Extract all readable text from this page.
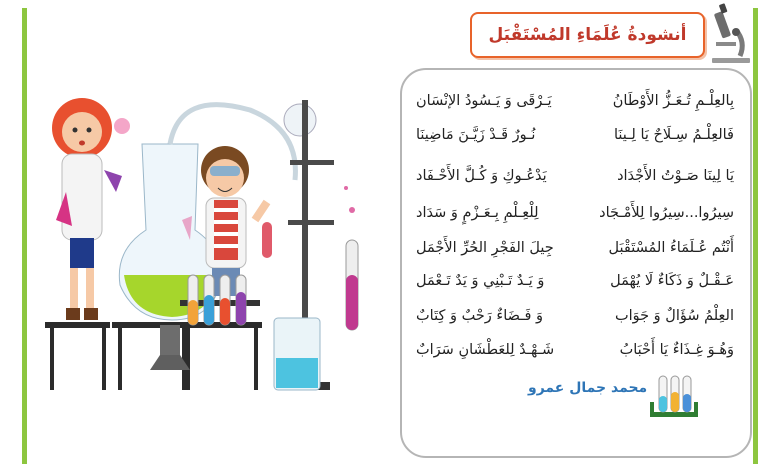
أنشودةُ عُلَمَاءِ المُسْتَقْبَل
بِالعِلْـمِ تُـعَـزُّ الأَوْطَانُ
يَـرْقَى وَ يَـسُودُ الإنْسَان
فَالعِلْـمُ سِـلَاحٌ يَا لِـينَا
نُـورٌ قَـدْ زَيَّـنَ مَاضِينَا
يَا لِينَا صَـوْتُ الأَجْدَاد
يَدْعُـوكِ وَ كُـلَّ الأَحْـفَاد
سِيرُوا...سِيرُوا لِلأَمْـجَاد
لِلْعِـلْمِ بِـعَـزْمٍ وَ سَدَاد
أَنْتُم عُـلَمَاءُ المُسْتَقْبَل
جِيلَ الفَجْرِ الحُرِّ الأَجْمَل
عَـقْـلٌ وَ ذَكَاءٌ لَا يُهْمَل
وَ يَـدٌ تَـبْنِي وَ يَدٌ تَـعْمَل
العِلْمُ سُؤَالٌ وَ جَوَاب
وَ فَـضَاءٌ رَحْبٌ وَ كِتَابٌ
وَهُـوَ غِـذَاءٌ يَا أَحْبَابُ
شَـهْـدٌ لِلعَطْشَانِ سَرَابٌ
محمد جمال عمرو
